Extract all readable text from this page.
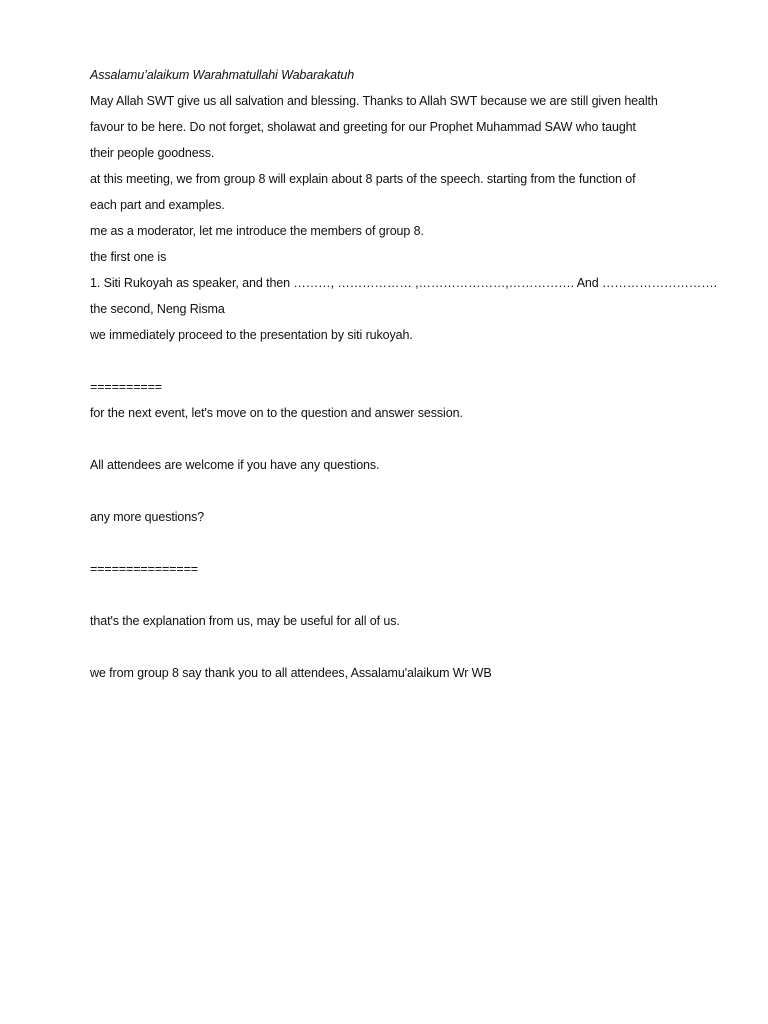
Assalamu’alaikum Warahmatullahi Wabarakatuh
May Allah SWT give us all salvation and blessing. Thanks to Allah SWT because we are still given health
favour to be here. Do not forget, sholawat and greeting for our Prophet Muhammad SAW who taught
their people goodness.
at this meeting, we from group 8 will explain about 8 parts of the speech. starting from the function of
each part and examples.
me as a moderator, let me introduce the members of group 8.
the first one is
1. Siti Rukoyah as speaker, and then ………, ……………… ,…………………,……………. And ……………………….
the second, Neng Risma
we immediately proceed to the presentation by siti rukoyah.
==========
for the next event, let's move on to the question and answer session.
All attendees are welcome if you have any questions.
any more questions?
===============
that's the explanation from us, may be useful for all of us.
we from group 8 say thank you to all attendees, Assalamu'alaikum Wr WB
